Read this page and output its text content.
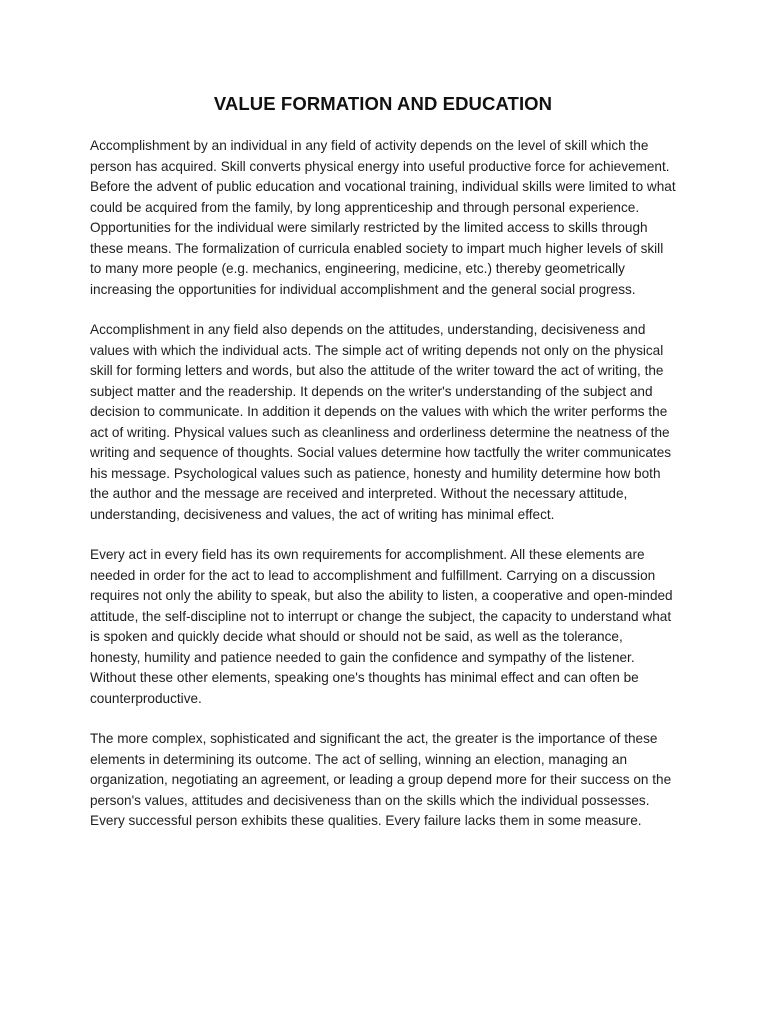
VALUE FORMATION AND EDUCATION

Accomplishment by an individual in any field of activity depends on the level of skill which the person has acquired. Skill converts physical energy into useful productive force for achievement. Before the advent of public education and vocational training, individual skills were limited to what could be acquired from the family, by long apprenticeship and through personal experience. Opportunities for the individual were similarly restricted by the limited access to skills through these means. The formalization of curricula enabled society to impart much higher levels of skill to many more people (e.g. mechanics, engineering, medicine, etc.) thereby geometrically increasing the opportunities for individual accomplishment and the general social progress.

Accomplishment in any field also depends on the attitudes, understanding, decisiveness and values with which the individual acts. The simple act of writing depends not only on the physical skill for forming letters and words, but also the attitude of the writer toward the act of writing, the subject matter and the readership. It depends on the writer's understanding of the subject and decision to communicate. In addition it depends on the values with which the writer performs the act of writing. Physical values such as cleanliness and orderliness determine the neatness of the writing and sequence of thoughts. Social values determine how tactfully the writer communicates his message. Psychological values such as patience, honesty and humility determine how both the author and the message are received and interpreted. Without the necessary attitude, understanding, decisiveness and values, the act of writing has minimal effect.

Every act in every field has its own requirements for accomplishment. All these elements are needed in order for the act to lead to accomplishment and fulfillment. Carrying on a discussion requires not only the ability to speak, but also the ability to listen, a cooperative and open-minded attitude, the self-discipline not to interrupt or change the subject, the capacity to understand what is spoken and quickly decide what should or should not be said, as well as the tolerance, honesty, humility and patience needed to gain the confidence and sympathy of the listener. Without these other elements, speaking one's thoughts has minimal effect and can often be counterproductive.

The more complex, sophisticated and significant the act, the greater is the importance of these elements in determining its outcome. The act of selling, winning an election, managing an organization, negotiating an agreement, or leading a group depend more for their success on the person's values, attitudes and decisiveness than on the skills which the individual possesses. Every successful person exhibits these qualities. Every failure lacks them in some measure.
